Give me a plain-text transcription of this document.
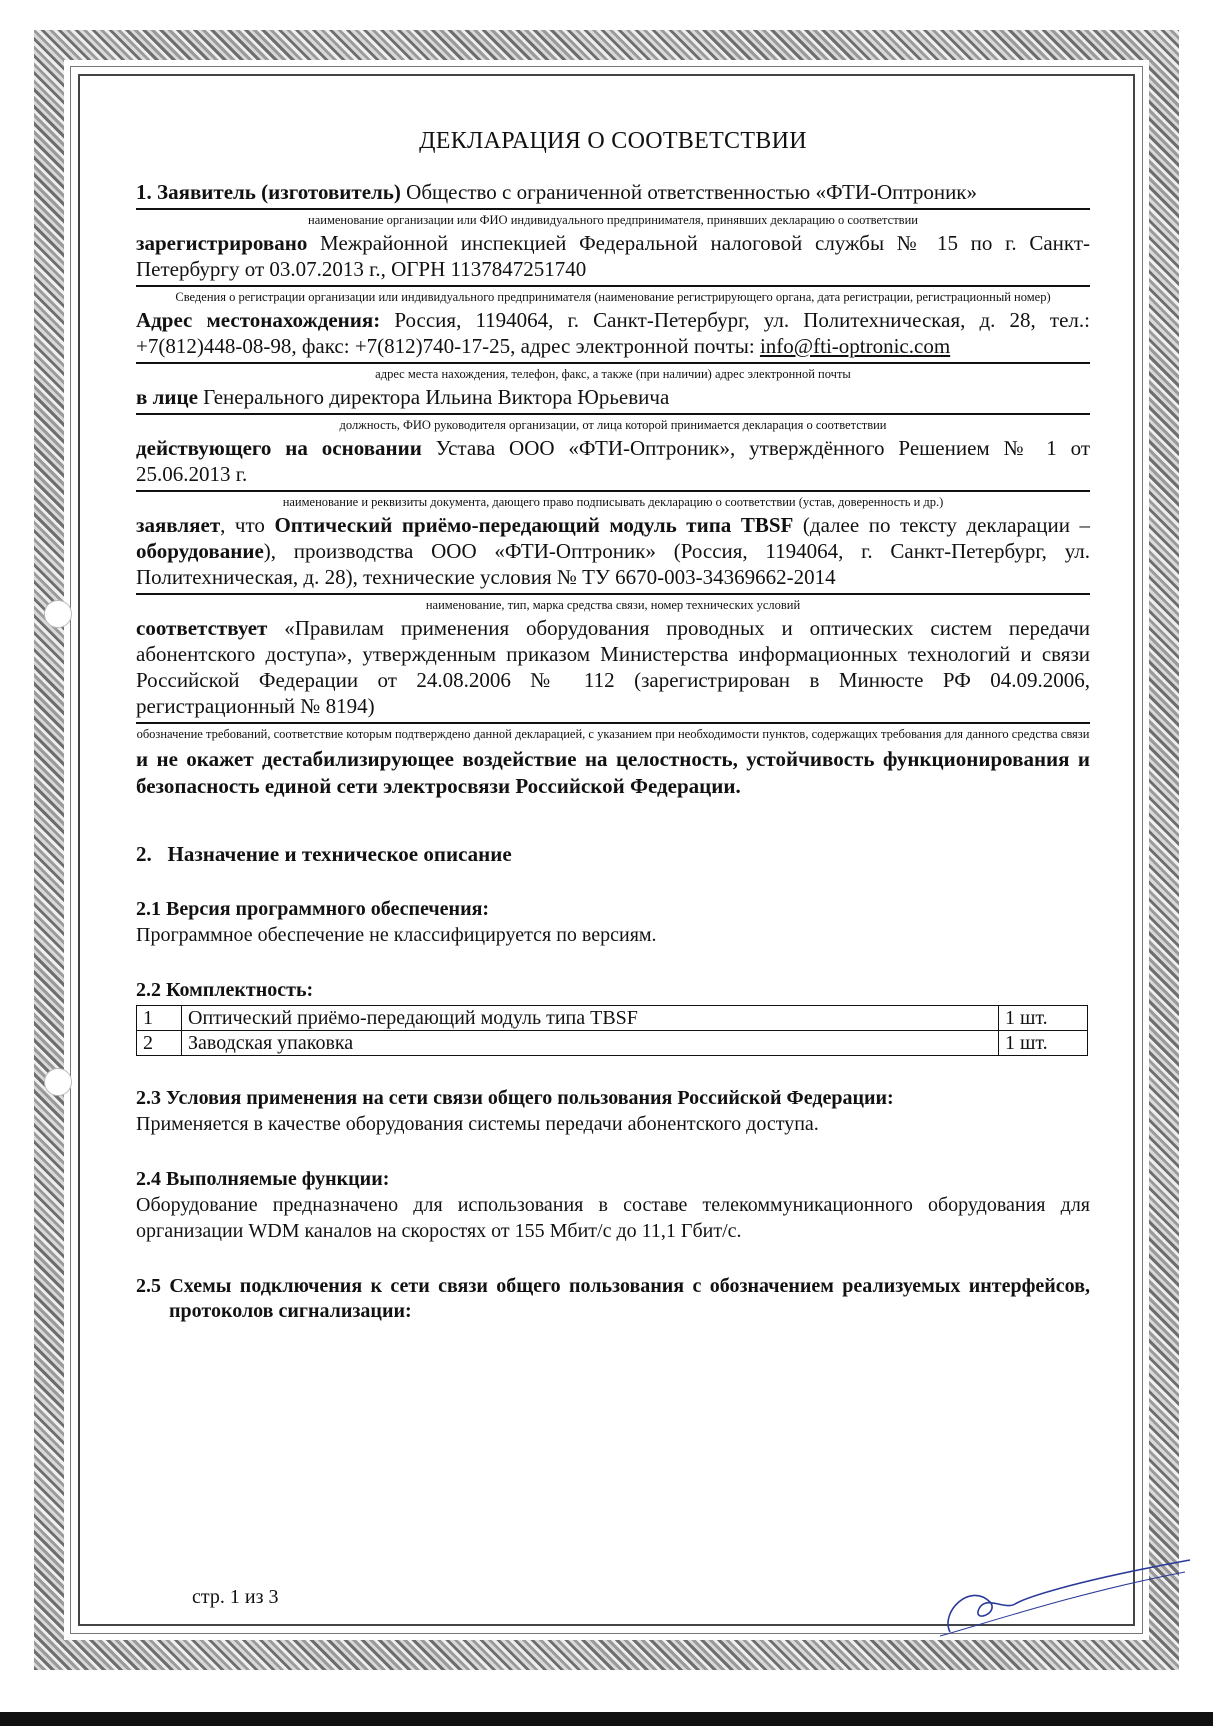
ДЕКЛАРАЦИЯ О СООТВЕТСТВИИ

1. Заявитель (изготовитель) Общество с ограниченной ответственностью «ФТИ-Оптроник»

наименование организации или ФИО индивидуального предпринимателя, принявших декларацию о соответствии

зарегистрировано Межрайонной инспекцией Федеральной налоговой службы № 15 по г. Санкт-Петербургу от 03.07.2013 г., ОГРН 1137847251740

Сведения о регистрации организации или индивидуального предпринимателя (наименование регистрирующего органа, дата регистрации, регистрационный номер)

Адрес местонахождения: Россия, 1194064, г. Санкт-Петербург, ул. Политехническая, д. 28, тел.: +7(812)448-08-98, факс: +7(812)740-17-25, адрес электронной почты: info@fti-optronic.com

адрес места нахождения, телефон, факс, а также (при наличии) адрес электронной почты

в лице Генерального директора Ильина Виктора Юрьевича

должность, ФИО руководителя организации, от лица которой принимается декларация о соответствии

действующего на основании Устава ООО «ФТИ-Оптроник», утверждённого Решением № 1 от 25.06.2013 г.

наименование и реквизиты документа, дающего право подписывать декларацию о соответствии (устав, доверенность и др.)

заявляет, что Оптический приёмо-передающий модуль типа TBSF (далее по тексту декларации – оборудование), производства ООО «ФТИ-Оптроник» (Россия, 1194064, г. Санкт-Петербург, ул. Политехническая, д. 28), технические условия № ТУ 6670-003-34369662-2014

наименование, тип, марка средства связи, номер технических условий

соответствует «Правилам применения оборудования проводных и оптических систем передачи абонентского доступа», утвержденным приказом Министерства информационных технологий и связи Российской Федерации от 24.08.2006 № 112 (зарегистрирован в Минюсте РФ 04.09.2006, регистрационный № 8194)

обозначение требований, соответствие которым подтверждено данной декларацией, с указанием при необходимости пунктов, содержащих требования для данного средства связи

и не окажет дестабилизирующее воздействие на целостность, устойчивость функционирования и безопасность единой сети электросвязи Российской Федерации.

2. Назначение и техническое описание
2.1 Версия программного обеспечения:

Программное обеспечение не классифицируется по версиям.

2.2 Комплектность:
1	Оптический приёмо-передающий модуль типа TBSF	1 шт.
2	Заводская упаковка	1 шт.
2.3 Условия применения на сети связи общего пользования Российской Федерации:

Применяется в качестве оборудования системы передачи абонентского доступа.

2.4 Выполняемые функции:

Оборудование предназначено для использования в составе телекоммуникационного оборудования для организации WDM каналов на скоростях от 155 Мбит/с до 11,1 Гбит/с.

2.5 Схемы подключения к сети связи общего пользования с обозначением реализуемых интерфейсов, протоколов сигнализации:
стр. 1 из 3
